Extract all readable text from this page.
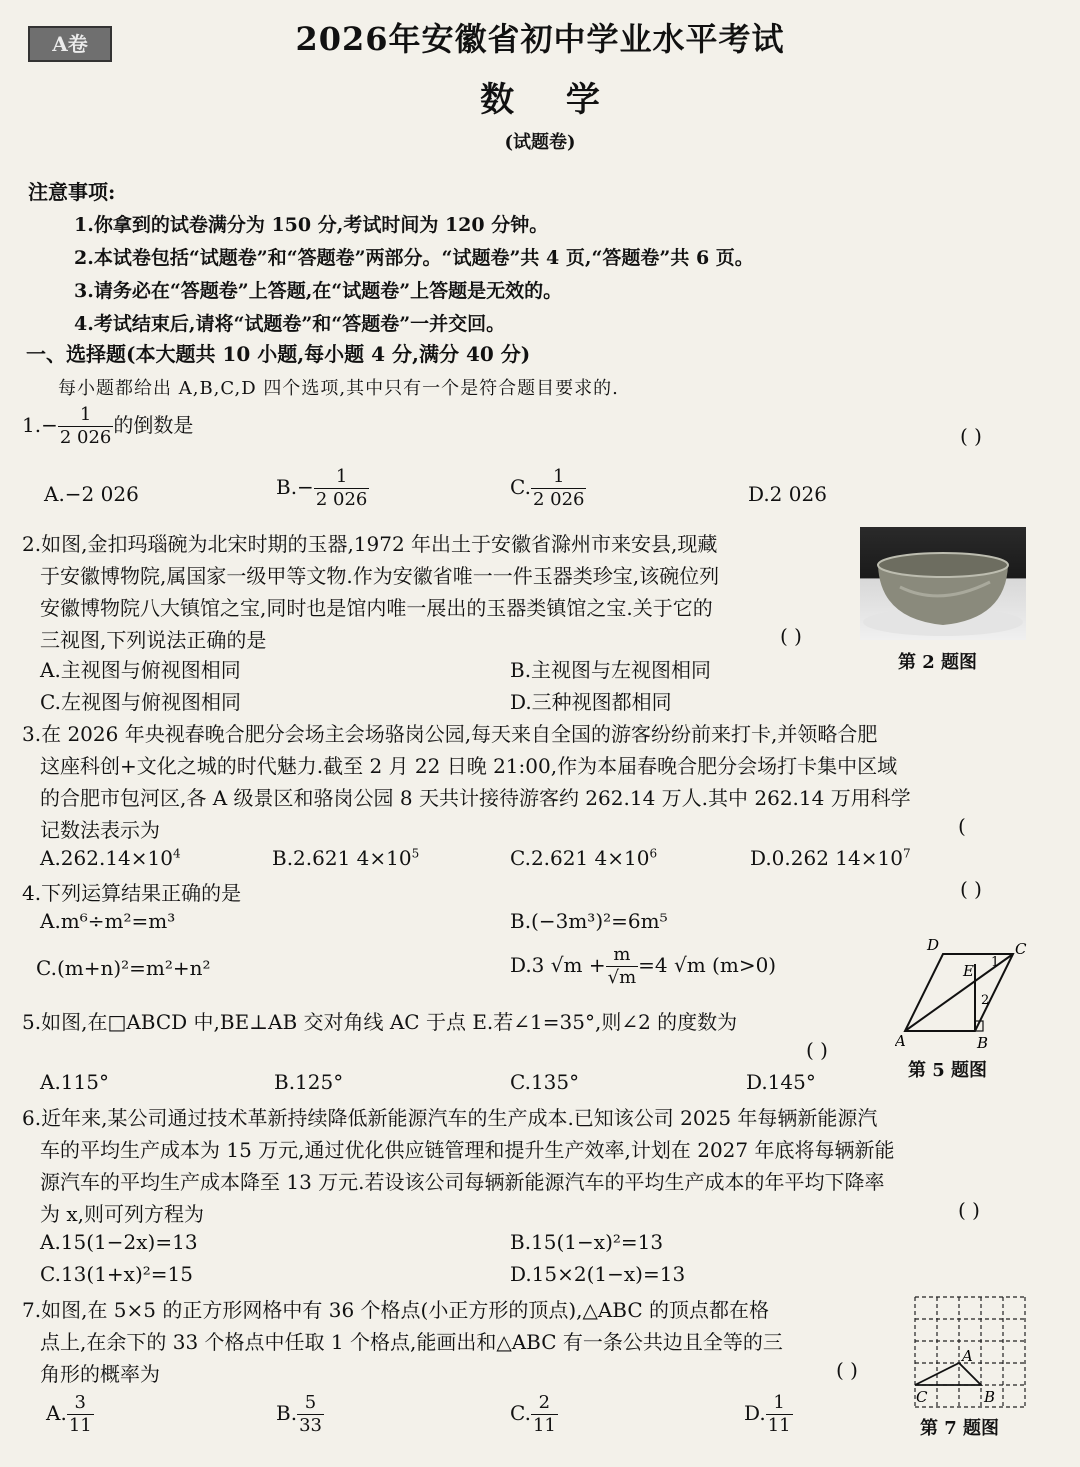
A卷	2026年安徽省初中学业水平考试
数 学
(试题卷)
注意事项:
1.你拿到的试卷满分为 150 分,考试时间为 120 分钟。
2.本试卷包括“试题卷”和“答题卷”两部分。“试题卷”共 4 页,“答题卷”共 6 页。
3.请务必在“答题卷”上答题,在“试题卷”上答题是无效的。
4.考试结束后,请将“试题卷”和“答题卷”一并交回。
一、选择题(本大题共 10 小题,每小题 4 分,满分 40 分)
每小题都给出 A,B,C,D 四个选项,其中只有一个是符合题目要求的.
$1.- \frac{1}{2 026}$ 的倒数是	( )
A.−2 026	$B.- \frac{1}{2 026}$	C. $\frac{1}{2 026}$	D.2 026
2.如图,金扣玛瑙碗为北宋时期的玉器,1972 年出土于安徽省滁州市来安县,现藏
于安徽博物院,属国家一级甲等文物.作为安徽省唯一一件玉器类珍宝,该碗位列
安徽博物院八大镇馆之宝,同时也是馆内唯一展出的玉器类镇馆之宝.关于它的
三视图,下列说法正确的是	( )
第 2 题图
A.主视图与俯视图相同	B.主视图与左视图相同
C.左视图与俯视图相同	D.三种视图都相同
3.在 2026 年央视春晚合肥分会场主会场骆岗公园,每天来自全国的游客纷纷前来打卡,并领略合肥
这座科创+文化之城的时代魅力.截至 2 月 22 日晚 21:00,作为本届春晚合肥分会场打卡集中区域
的合肥市包河区,各 A 级景区和骆岗公园 8 天共计接待游客约 262.14 万人.其中 262.14 万用科学
记数法表示为	(
$A.262.14\times 10^4$	B.2.621 $4\times 10^5$	C.2.621 $4\times 10^6$	D.0.262 $14\times 10^7$
4.下列运算结果正确的是	( )
A.m⁶÷m²=m³	B.(−3m³)²=6m⁵
C.(m+n)²=m²+n²	D.3 $√m + \frac{m}{√m} =4$ √m (m>0)
A	B
C
D
E 1
2
第 5 题图
5.如图,在□ABCD 中,BE⊥AB 交对角线 AC 于点 E.若∠1=35°,则∠2 的度数为
( )
A.115°	B.125°	C.135°	D.145°
6.近年来,某公司通过技术革新持续降低新能源汽车的生产成本.已知该公司 2025 年每辆新能源汽
车的平均生产成本为 15 万元,通过优化供应链管理和提升生产效率,计划在 2027 年底将每辆新能
源汽车的平均生产成本降至 13 万元.若设该公司每辆新能源汽车的平均生产成本的年平均下降率
为 x,则可列方程为	( )
A.15(1−2x)=13	B.15(1−x)²=13
C.13(1+x)²=15	D.15×2(1−x)=13
7.如图,在 5×5 的正方形网格中有 36 个格点(小正方形的顶点),△ABC 的顶点都在格
点上,在余下的 33 个格点中任取 1 个格点,能画出和△ABC 有一条公共边且全等的三
角形的概率为	( )
A. $\frac{3}{11}$	B. $\frac{5}{33}$	C. $\frac{2}{11}$	D. $\frac{1}{11}$
A
C	B
第 7 题图
